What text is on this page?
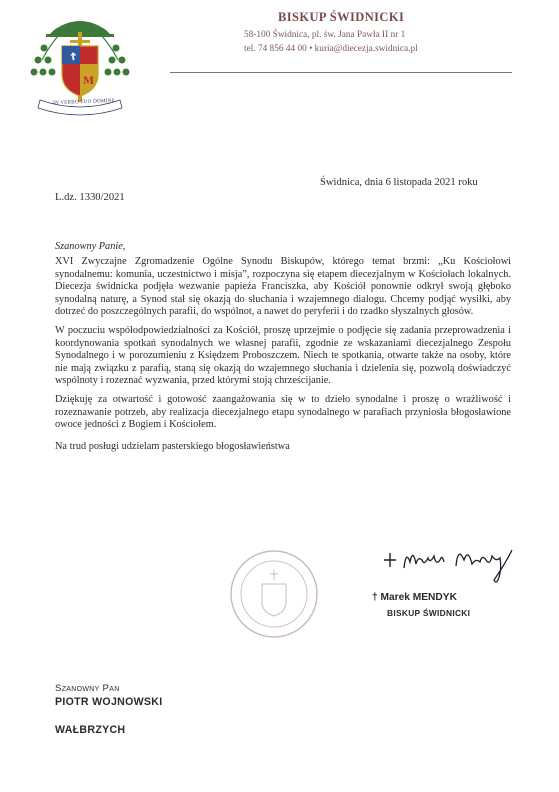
☦
M
IN VERBO TUO DOMINE
BISKUP ŚWIDNICKI
58-100 Świdnica, pl. św. Jana Pawła II nr 1
tel. 74 856 44 00 • kuria@diecezja.swidnica.pl
Świdnica, dnia 6 listopada 2021 roku
L.dz. 1330/2021
Szanowny Panie,

XVI Zwyczajne Zgromadzenie Ogólne Synodu Biskupów, którego temat brzmi: „Ku Kościołowi synodalnemu: komunia, uczestnictwo i misja”, rozpoczyna się etapem diecezjalnym w Kościołach lokalnych. Diecezja świdnicka podjęła wezwanie papieża Franciszka, aby Kościół ponownie odkrył swoją głęboko synodalną naturę, a Synod stał się okazją do słuchania i wzajemnego dialogu. Chcemy podjąć wysiłki, aby dotrzeć do poszczególnych parafii, do wspólnot, a nawet do peryferii i do rzadko słyszalnych głosów.

W poczuciu współodpowiedzialności za Kościół, proszę uprzejmie o podjęcie się zadania przeprowadzenia i koordynowania spotkań synodalnych we własnej parafii, zgodnie ze wskazaniami diecezjalnego Zespołu Synodalnego i w porozumieniu z Księdzem Proboszczem. Niech te spotkania, otwarte także na osoby, które nie mają związku z parafią, staną się okazją do wzajemnego słuchania i dzielenia się, pozwolą doświadczyć wspólnoty i rozeznać wyzwania, przed którymi stoją chrześcijanie.

Dziękuję za otwartość i gotowość zaangażowania się w to dzieło synodalne i proszę o wrażliwość i rozeznawanie potrzeb, aby realizacja diecezjalnego etapu synodalnego w parafiach przyniosła błogosławione owoce jedności z Bogiem i Kościołem.

Na trud posługi udzielam pasterskiego błogosławieństwa
† Marek MENDYK
BISKUP ŚWIDNICKI
Szanowny Pan
PIOTR WOJNOWSKI
WAŁBRZYCH
